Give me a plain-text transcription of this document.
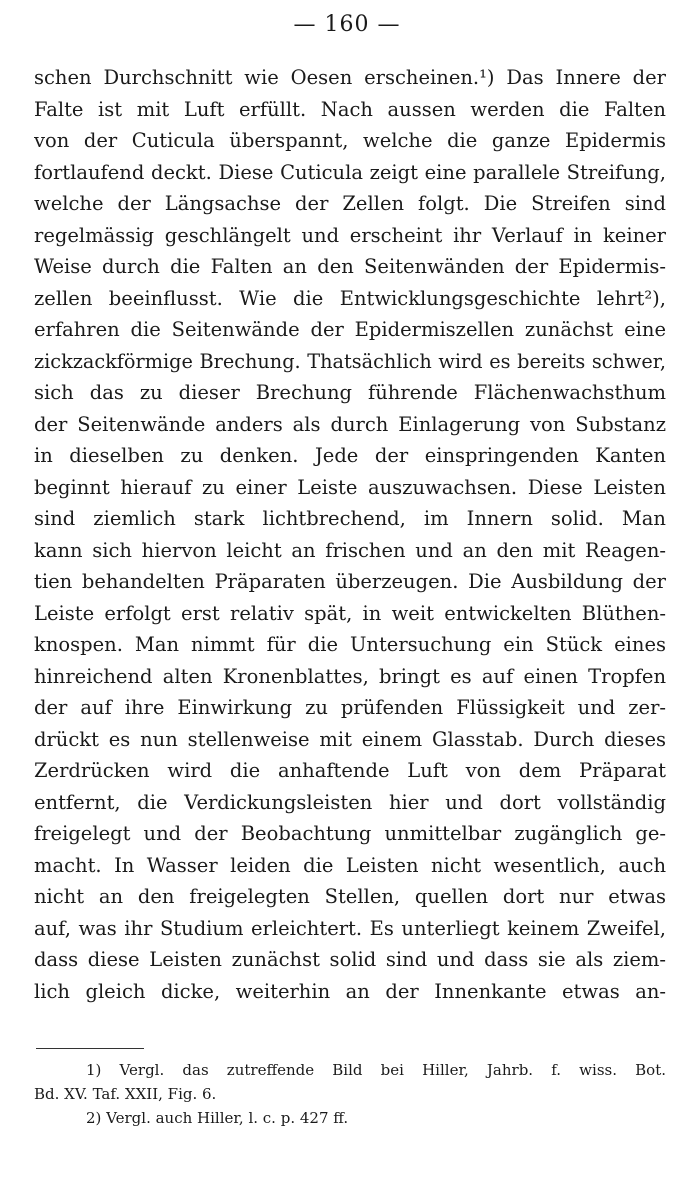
— 160 —
schen Durchschnitt wie Oesen erscheinen.¹) Das Innere der
Falte ist mit Luft erfüllt. Nach aussen werden die Falten
von der Cuticula überspannt, welche die ganze Epidermis
fortlaufend deckt. Diese Cuticula zeigt eine parallele Streifung,
welche der Längsachse der Zellen folgt. Die Streifen sind
regelmässig geschlängelt und erscheint ihr Verlauf in keiner
Weise durch die Falten an den Seitenwänden der Epidermis-
zellen beeinflusst. Wie die Entwicklungsgeschichte lehrt²),
erfahren die Seitenwände der Epidermiszellen zunächst eine
zickzackförmige Brechung. Thatsächlich wird es bereits schwer,
sich das zu dieser Brechung führende Flächenwachsthum
der Seitenwände anders als durch Einlagerung von Substanz
in dieselben zu denken. Jede der einspringenden Kanten
beginnt hierauf zu einer Leiste auszuwachsen. Diese Leisten
sind ziemlich stark lichtbrechend, im Innern solid. Man
kann sich hiervon leicht an frischen und an den mit Reagen-
tien behandelten Präparaten überzeugen. Die Ausbildung der
Leiste erfolgt erst relativ spät, in weit entwickelten Blüthen-
knospen. Man nimmt für die Untersuchung ein Stück eines
hinreichend alten Kronenblattes, bringt es auf einen Tropfen
der auf ihre Einwirkung zu prüfenden Flüssigkeit und zer-
drückt es nun stellenweise mit einem Glasstab. Durch dieses
Zerdrücken wird die anhaftende Luft von dem Präparat
entfernt, die Verdickungsleisten hier und dort vollständig
freigelegt und der Beobachtung unmittelbar zugänglich ge-
macht. In Wasser leiden die Leisten nicht wesentlich, auch
nicht an den freigelegten Stellen, quellen dort nur etwas
auf, was ihr Studium erleichtert. Es unterliegt keinem Zweifel,
dass diese Leisten zunächst solid sind und dass sie als ziem-
lich gleich dicke, weiterhin an der Innenkante etwas an-
1) Vergl. das zutreffende Bild bei Hiller, Jahrb. f. wiss. Bot.
Bd. XV. Taf. XXII, Fig. 6.
2) Vergl. auch Hiller, l. c. p. 427 ff.
